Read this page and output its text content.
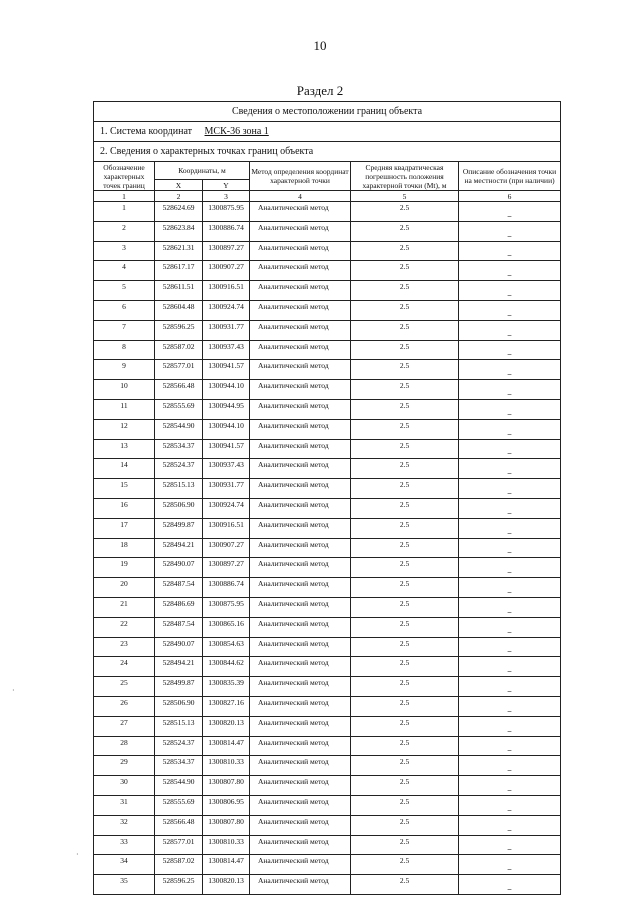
10
Раздел 2
Сведения о местоположении границ объекта					
1. Система координат МСК-36 зона 1					
2. Сведения о характерных точках границ объекта					
Обозначение характерных точек границ	Координаты, м		Метод определения координат характерной точки	Средняя квадратическая погрешность положения характерной точки (Mt), м	Описание обозначения точки на местности (при наличии)
	X	Y			
1	2	3	4	5	6
1	528624.69	1300875.95	Аналитический метод	2.5	–
2	528623.84	1300886.74	Аналитический метод	2.5	–
3	528621.31	1300897.27	Аналитический метод	2.5	–
4	528617.17	1300907.27	Аналитический метод	2.5	–
5	528611.51	1300916.51	Аналитический метод	2.5	–
6	528604.48	1300924.74	Аналитический метод	2.5	–
7	528596.25	1300931.77	Аналитический метод	2.5	–
8	528587.02	1300937.43	Аналитический метод	2.5	–
9	528577.01	1300941.57	Аналитический метод	2.5	–
10	528566.48	1300944.10	Аналитический метод	2.5	–
11	528555.69	1300944.95	Аналитический метод	2.5	–
12	528544.90	1300944.10	Аналитический метод	2.5	–
13	528534.37	1300941.57	Аналитический метод	2.5	–
14	528524.37	1300937.43	Аналитический метод	2.5	–
15	528515.13	1300931.77	Аналитический метод	2.5	–
16	528506.90	1300924.74	Аналитический метод	2.5	–
17	528499.87	1300916.51	Аналитический метод	2.5	–
18	528494.21	1300907.27	Аналитический метод	2.5	–
19	528490.07	1300897.27	Аналитический метод	2.5	–
20	528487.54	1300886.74	Аналитический метод	2.5	–
21	528486.69	1300875.95	Аналитический метод	2.5	–
22	528487.54	1300865.16	Аналитический метод	2.5	–
23	528490.07	1300854.63	Аналитический метод	2.5	–
24	528494.21	1300844.62	Аналитический метод	2.5	–
25	528499.87	1300835.39	Аналитический метод	2.5	–
26	528506.90	1300827.16	Аналитический метод	2.5	–
27	528515.13	1300820.13	Аналитический метод	2.5	–
28	528524.37	1300814.47	Аналитический метод	2.5	–
29	528534.37	1300810.33	Аналитический метод	2.5	–
30	528544.90	1300807.80	Аналитический метод	2.5	–
31	528555.69	1300806.95	Аналитический метод	2.5	–
32	528566.48	1300807.80	Аналитический метод	2.5	–
33	528577.01	1300810.33	Аналитический метод	2.5	–
34	528587.02	1300814.47	Аналитический метод	2.5	–
35	528596.25	1300820.13	Аналитический метод	2.5	–
·
·
